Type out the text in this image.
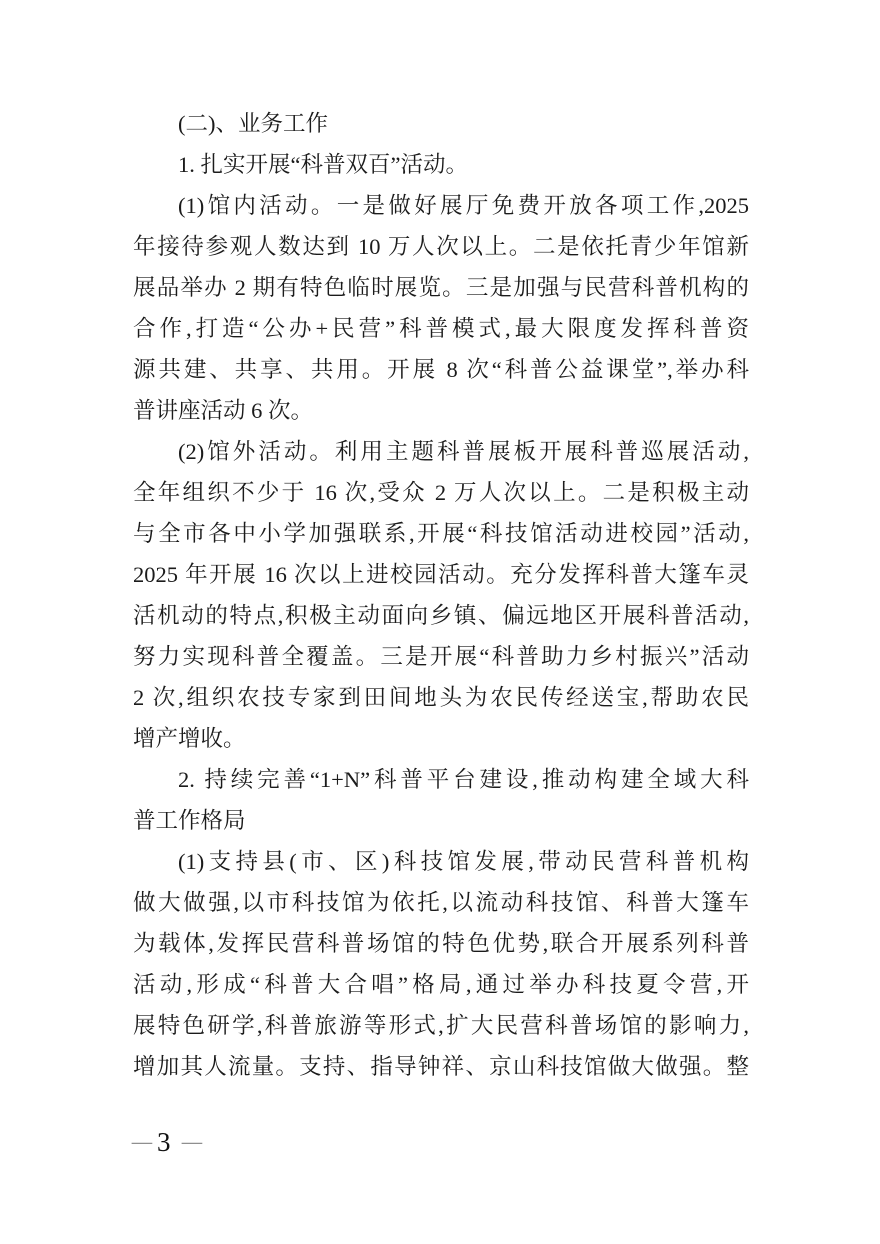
(二)、业务工作
1. 扎实开展“科普双百”活动。
(1)馆内活动。一是做好展厅免费开放各项工作,2025
年接待参观人数达到 10 万人次以上。二是依托青少年馆新
展品举办 2 期有特色临时展览。三是加强与民营科普机构的
合作,打造“公办+民营”科普模式,最大限度发挥科普资
源共建、共享、共用。开展 8 次“科普公益课堂”,举办科
普讲座活动 6 次。
(2)馆外活动。利用主题科普展板开展科普巡展活动,
全年组织不少于 16 次,受众 2 万人次以上。二是积极主动
与全市各中小学加强联系,开展“科技馆活动进校园”活动,
2025 年开展 16 次以上进校园活动。充分发挥科普大篷车灵
活机动的特点,积极主动面向乡镇、偏远地区开展科普活动,
努力实现科普全覆盖。三是开展“科普助力乡村振兴”活动
2 次,组织农技专家到田间地头为农民传经送宝,帮助农民
增产增收。
2. 持续完善“1+N”科普平台建设,推动构建全域大科
普工作格局
(1)支持县(市、区)科技馆发展,带动民营科普机构
做大做强,以市科技馆为依托,以流动科技馆、科普大篷车
为载体,发挥民营科普场馆的特色优势,联合开展系列科普
活动,形成“科普大合唱”格局,通过举办科技夏令营,开
展特色研学,科普旅游等形式,扩大民营科普场馆的影响力,
增加其人流量。支持、指导钟祥、京山科技馆做大做强。整
— 3 —
